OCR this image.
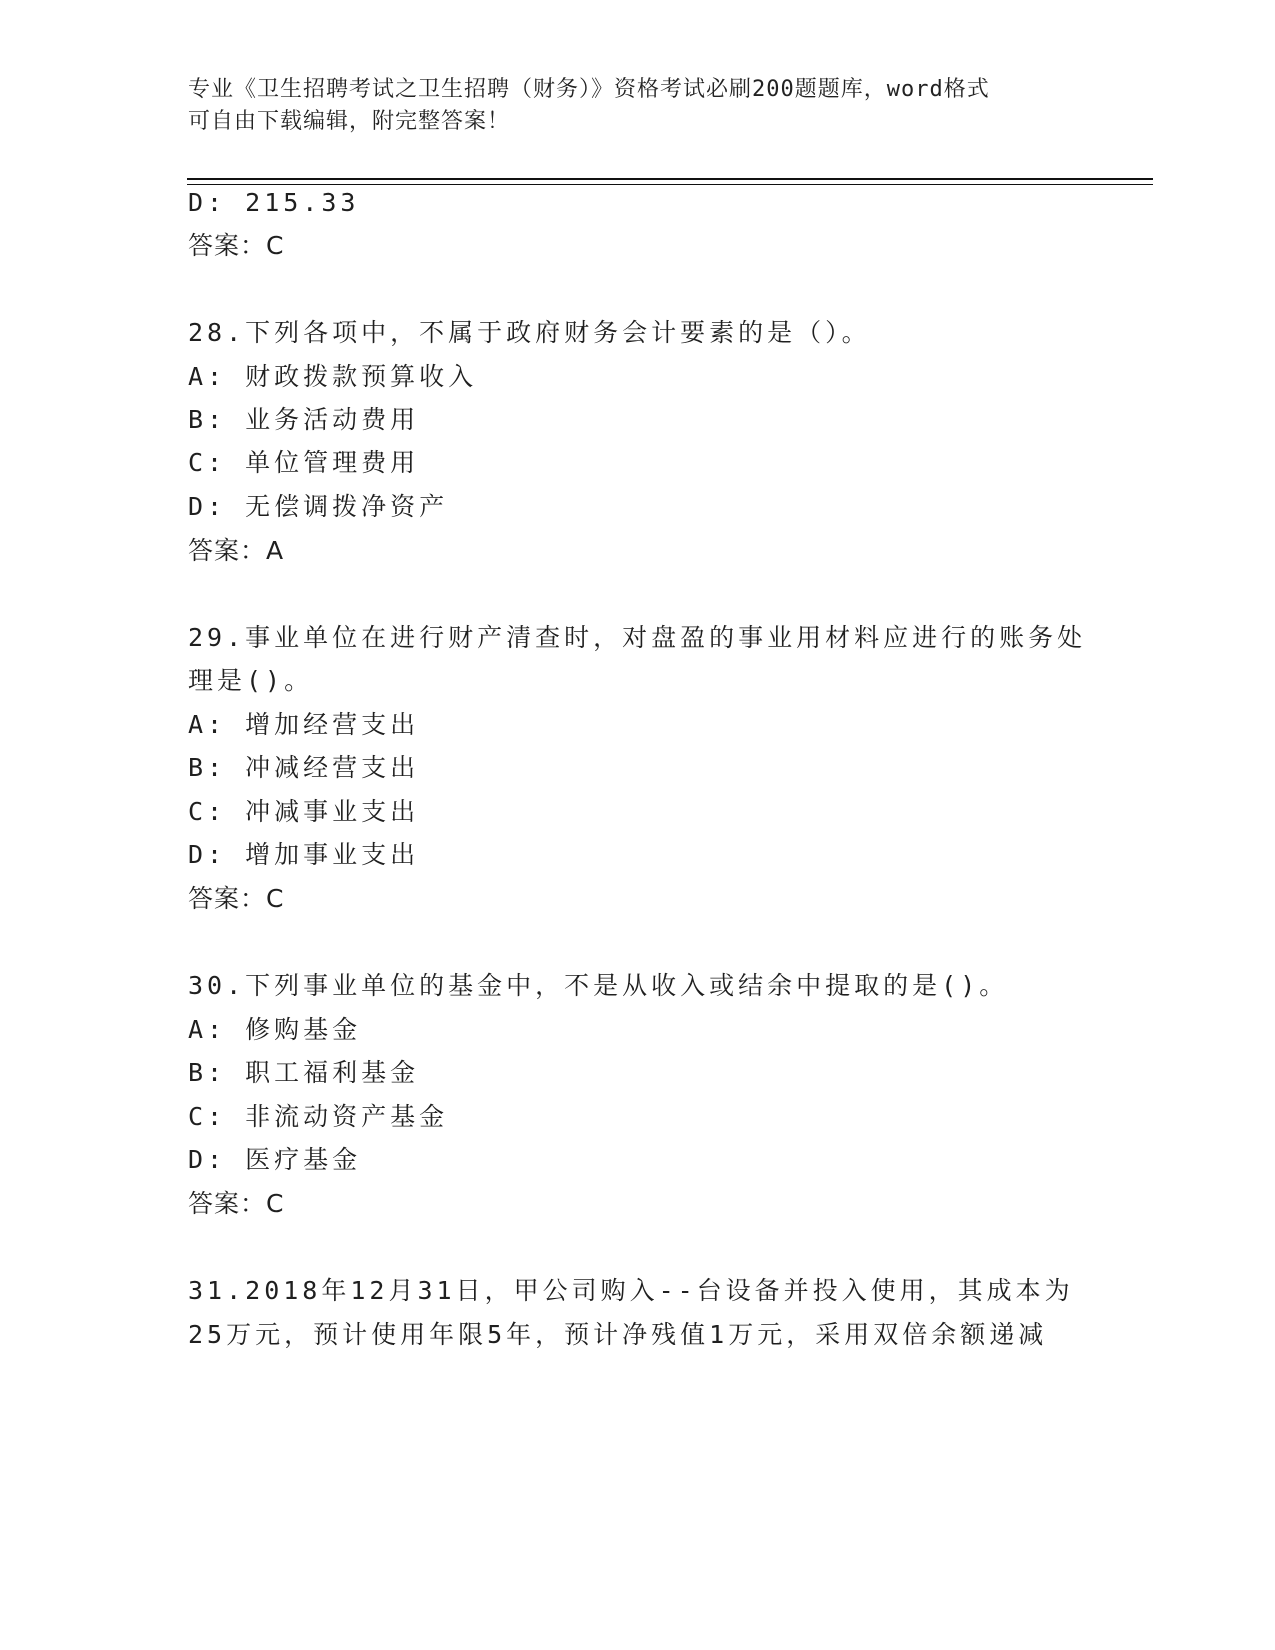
专业《卫生招聘考试之卫生招聘（财务）》资格考试必刷200题题库，word格式
可自由下载编辑，附完整答案！
D: 215.33
答案：C
28.下列各项中，不属于政府财务会计要素的是（）。
A: 财政拨款预算收入
B: 业务活动费用
C: 单位管理费用
D: 无偿调拨净资产
答案：A
29.事业单位在进行财产清查时，对盘盈的事业用材料应进行的账务处
理是()。
A: 增加经营支出
B: 冲减经营支出
C: 冲减事业支出
D: 增加事业支出
答案：C
30.下列事业单位的基金中，不是从收入或结余中提取的是()。
A: 修购基金
B: 职工福利基金
C: 非流动资产基金
D: 医疗基金
答案：C
31.2018年12月31日，甲公司购入--台设备并投入使用，其成本为
25万元，预计使用年限5年，预计净残值1万元，采用双倍余额递减
